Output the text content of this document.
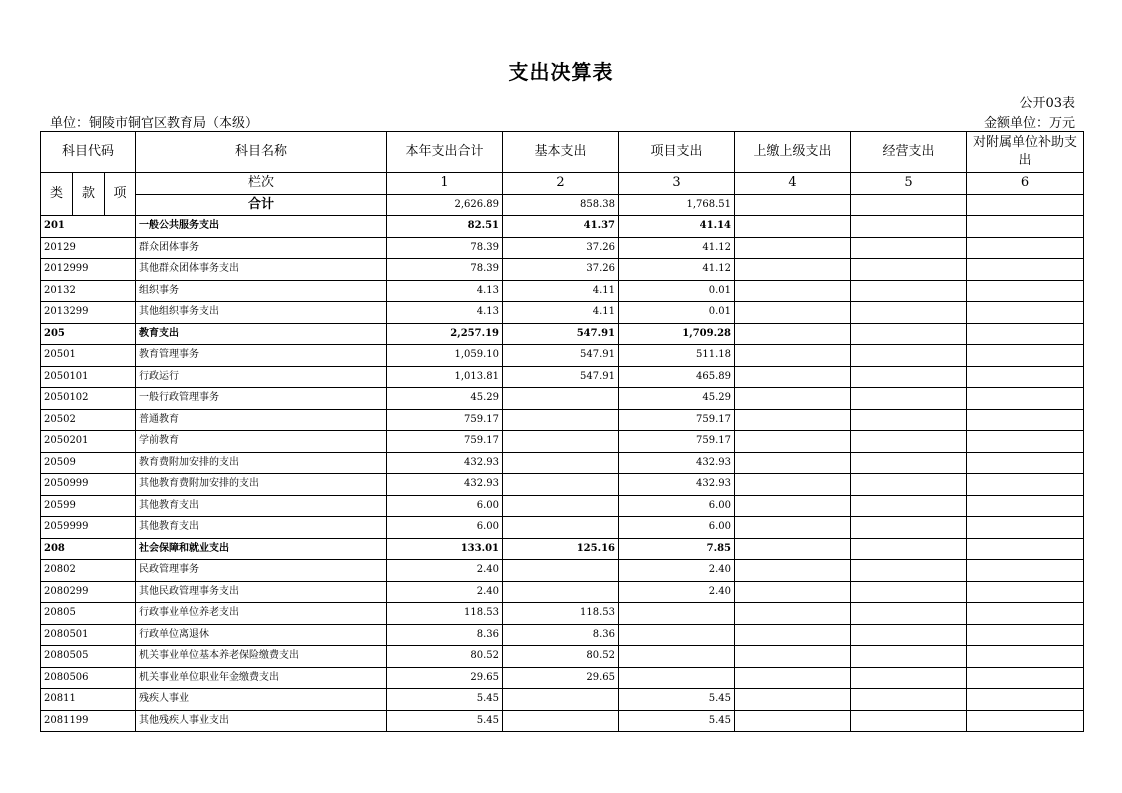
支出决算表
公开03表
单位：铜陵市铜官区教育局（本级）	金额单位：万元
科目代码			科目名称	本年支出合计	基本支出	项目支出	上缴上级支出	经营支出	对附属单位补助支出
类	款	项	栏次	1	2	3	4	5	6
			合计	2,626.89	858.38	1,768.51			
201			一般公共服务支出	82.51	41.37	41.14			
20129			群众团体事务	78.39	37.26	41.12			
2012999			其他群众团体事务支出	78.39	37.26	41.12			
20132			组织事务	4.13	4.11	0.01			
2013299			其他组织事务支出	4.13	4.11	0.01			
205			教育支出	2,257.19	547.91	1,709.28			
20501			教育管理事务	1,059.10	547.91	511.18			
2050101			行政运行	1,013.81	547.91	465.89			
2050102			一般行政管理事务	45.29		45.29			
20502			普通教育	759.17		759.17			
2050201			学前教育	759.17		759.17			
20509			教育费附加安排的支出	432.93		432.93			
2050999			其他教育费附加安排的支出	432.93		432.93			
20599			其他教育支出	6.00		6.00			
2059999			其他教育支出	6.00		6.00			
208			社会保障和就业支出	133.01	125.16	7.85			
20802			民政管理事务	2.40		2.40			
2080299			其他民政管理事务支出	2.40		2.40			
20805			行政事业单位养老支出	118.53	118.53				
2080501			行政单位离退休	8.36	8.36				
2080505			机关事业单位基本养老保险缴费支出	80.52	80.52				
2080506			机关事业单位职业年金缴费支出	29.65	29.65				
20811			残疾人事业	5.45		5.45			
2081199			其他残疾人事业支出	5.45		5.45			
